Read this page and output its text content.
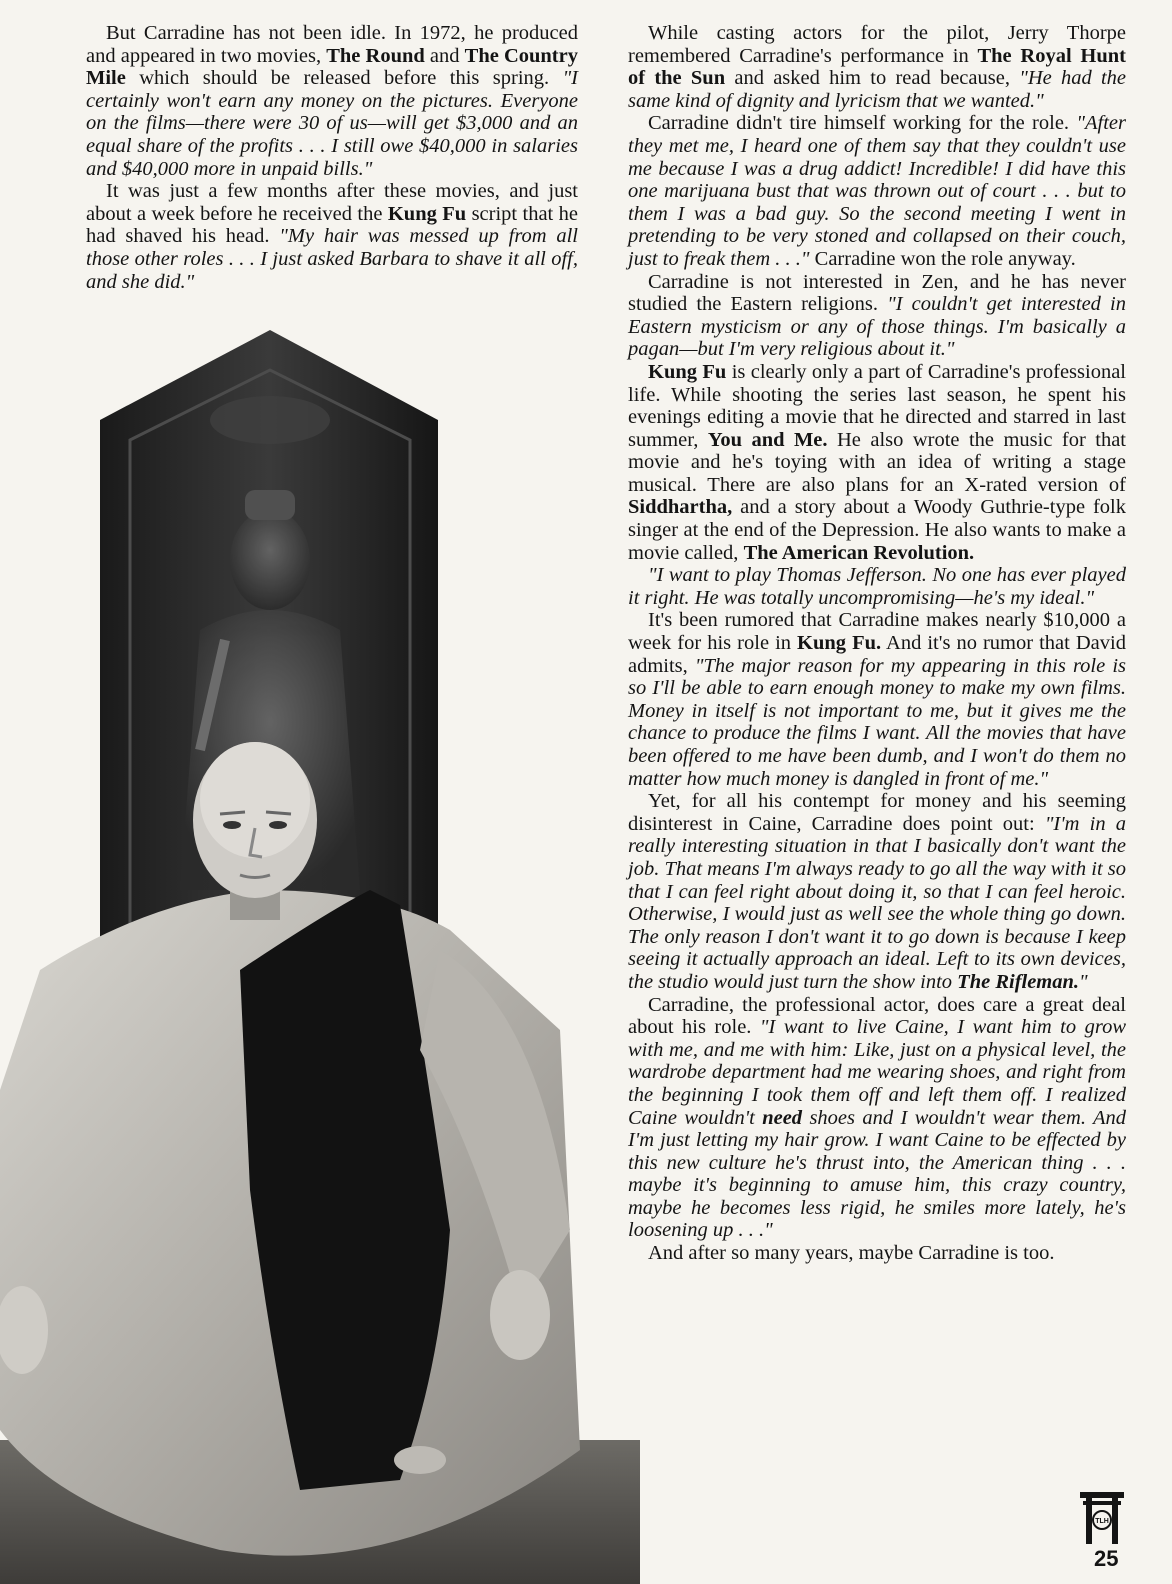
But Carradine has not been idle. In 1972, he produced and appeared in two movies, The Round and The Country Mile which should be released before this spring. "I certainly won't earn any money on the pictures. Everyone on the films—there were 30 of us—will get $3,000 and an equal share of the profits . . . I still owe $40,000 in salaries and $40,000 more in unpaid bills."

It was just a few months after these movies, and just about a week before he received the Kung Fu script that he had shaved his head. "My hair was messed up from all those other roles . . . I just asked Barbara to shave it all off, and she did."

While casting actors for the pilot, Jerry Thorpe remembered Carradine's performance in The Royal Hunt of the Sun and asked him to read because, "He had the same kind of dignity and lyricism that we wanted."

Carradine didn't tire himself working for the role. "After they met me, I heard one of them say that they couldn't use me because I was a drug addict! Incredible! I did have this one marijuana bust that was thrown out of court . . . but to them I was a bad guy. So the second meeting I went in pretending to be very stoned and collapsed on their couch, just to freak them . . ." Carradine won the role anyway.

Carradine is not interested in Zen, and he has never studied the Eastern religions. "I couldn't get interested in Eastern mysticism or any of those things. I'm basically a pagan—but I'm very religious about it."

Kung Fu is clearly only a part of Carradine's professional life. While shooting the series last season, he spent his evenings editing a movie that he directed and starred in last summer, You and Me. He also wrote the music for that movie and he's toying with an idea of writing a stage musical. There are also plans for an X-rated version of Siddhartha, and a story about a Woody Guthrie-type folk singer at the end of the Depression. He also wants to make a movie called, The American Revolution.

"I want to play Thomas Jefferson. No one has ever played it right. He was totally uncompromising—he's my ideal."

It's been rumored that Carradine makes nearly $10,000 a week for his role in Kung Fu. And it's no rumor that David admits, "The major reason for my appearing in this role is so I'll be able to earn enough money to make my own films. Money in itself is not important to me, but it gives me the chance to produce the films I want. All the movies that have been offered to me have been dumb, and I won't do them no matter how much money is dangled in front of me."

Yet, for all his contempt for money and his seeming disinterest in Caine, Carradine does point out: "I'm in a really interesting situation in that I basically don't want the job. That means I'm always ready to go all the way with it so that I can feel right about doing it, so that I can feel heroic. Otherwise, I would just as well see the whole thing go down. The only reason I don't want it to go down is because I keep seeing it actually approach an ideal. Left to its own devices, the studio would just turn the show into The Rifleman."

Carradine, the professional actor, does care a great deal about his role. "I want to live Caine, I want him to grow with me, and me with him: Like, just on a physical level, the wardrobe department had me wearing shoes, and right from the beginning I took them off and left them off. I realized Caine wouldn't need shoes and I wouldn't wear them. And I'm just letting my hair grow. I want Caine to be effected by this new culture he's thrust into, the American thing . . . maybe it's beginning to amuse him, this crazy country, maybe he becomes less rigid, he smiles more lately, he's loosening up . . ."

And after so many years, maybe Carradine is too.

TLH
25
